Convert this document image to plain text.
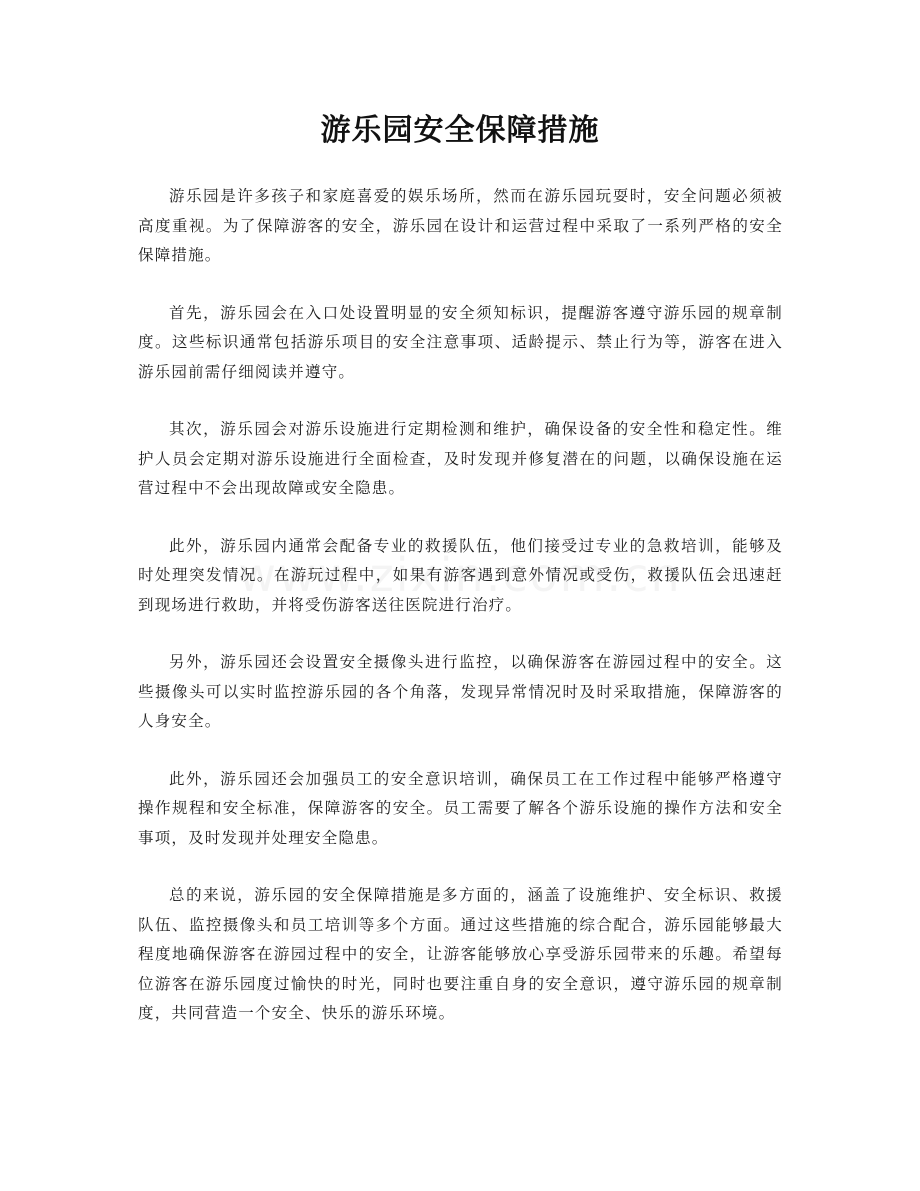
游乐园安全保障措施

游乐园是许多孩子和家庭喜爱的娱乐场所，然而在游乐园玩耍时，安全问题必须被高度重视。为了保障游客的安全，游乐园在设计和运营过程中采取了一系列严格的安全保障措施。

首先，游乐园会在入口处设置明显的安全须知标识，提醒游客遵守游乐园的规章制度。这些标识通常包括游乐项目的安全注意事项、适龄提示、禁止行为等，游客在进入游乐园前需仔细阅读并遵守。

其次，游乐园会对游乐设施进行定期检测和维护，确保设备的安全性和稳定性。维护人员会定期对游乐设施进行全面检查，及时发现并修复潜在的问题，以确保设施在运营过程中不会出现故障或安全隐患。

此外，游乐园内通常会配备专业的救援队伍，他们接受过专业的急救培训，能够及时处理突发情况。在游玩过程中，如果有游客遇到意外情况或受伤，救援队伍会迅速赶到现场进行救助，并将受伤游客送往医院进行治疗。

另外，游乐园还会设置安全摄像头进行监控，以确保游客在游园过程中的安全。这些摄像头可以实时监控游乐园的各个角落，发现异常情况时及时采取措施，保障游客的人身安全。

此外，游乐园还会加强员工的安全意识培训，确保员工在工作过程中能够严格遵守操作规程和安全标准，保障游客的安全。员工需要了解各个游乐设施的操作方法和安全事项，及时发现并处理安全隐患。

总的来说，游乐园的安全保障措施是多方面的，涵盖了设施维护、安全标识、救援队伍、监控摄像头和员工培训等多个方面。通过这些措施的综合配合，游乐园能够最大程度地确保游客在游园过程中的安全，让游客能够放心享受游乐园带来的乐趣。希望每位游客在游乐园度过愉快的时光，同时也要注重自身的安全意识，遵守游乐园的规章制度，共同营造一个安全、快乐的游乐环境。
